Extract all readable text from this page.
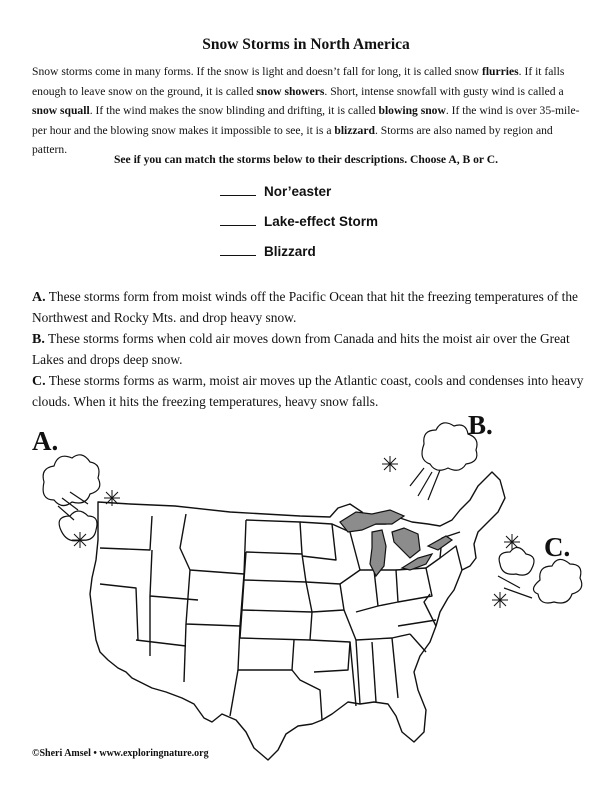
Snow Storms in North America

Snow storms come in many forms. If the snow is light and doesn’t fall for long, it is called snow flurries. If it falls enough to leave snow on the ground, it is called snow showers. Short, intense snowfall with gusty wind is called a snow squall. If the wind makes the snow blinding and drifting, it is called blowing snow. If the wind is over 35-mile-per hour and the blowing snow makes it impossible to see, it is a blizzard. Storms are also named by region and pattern.

See if you can match the storms below to their descriptions. Choose A, B or C.

Nor’easter
Lake-effect Storm
Blizzard

A. These storms form from moist winds off the Pacific Ocean that hit the freezing temperatures of the Northwest and Rocky Mts. and drop heavy snow.

B. These storms forms when cold air moves down from Canada and hits the moist air over the Great Lakes and drops deep snow.

C. These storms forms as warm, moist air moves up the Atlantic coast, cools and condenses into heavy clouds. When it hits the freezing temperatures, heavy snow falls.

A.
B.
C.

©Sheri Amsel • www.exploringnature.org
